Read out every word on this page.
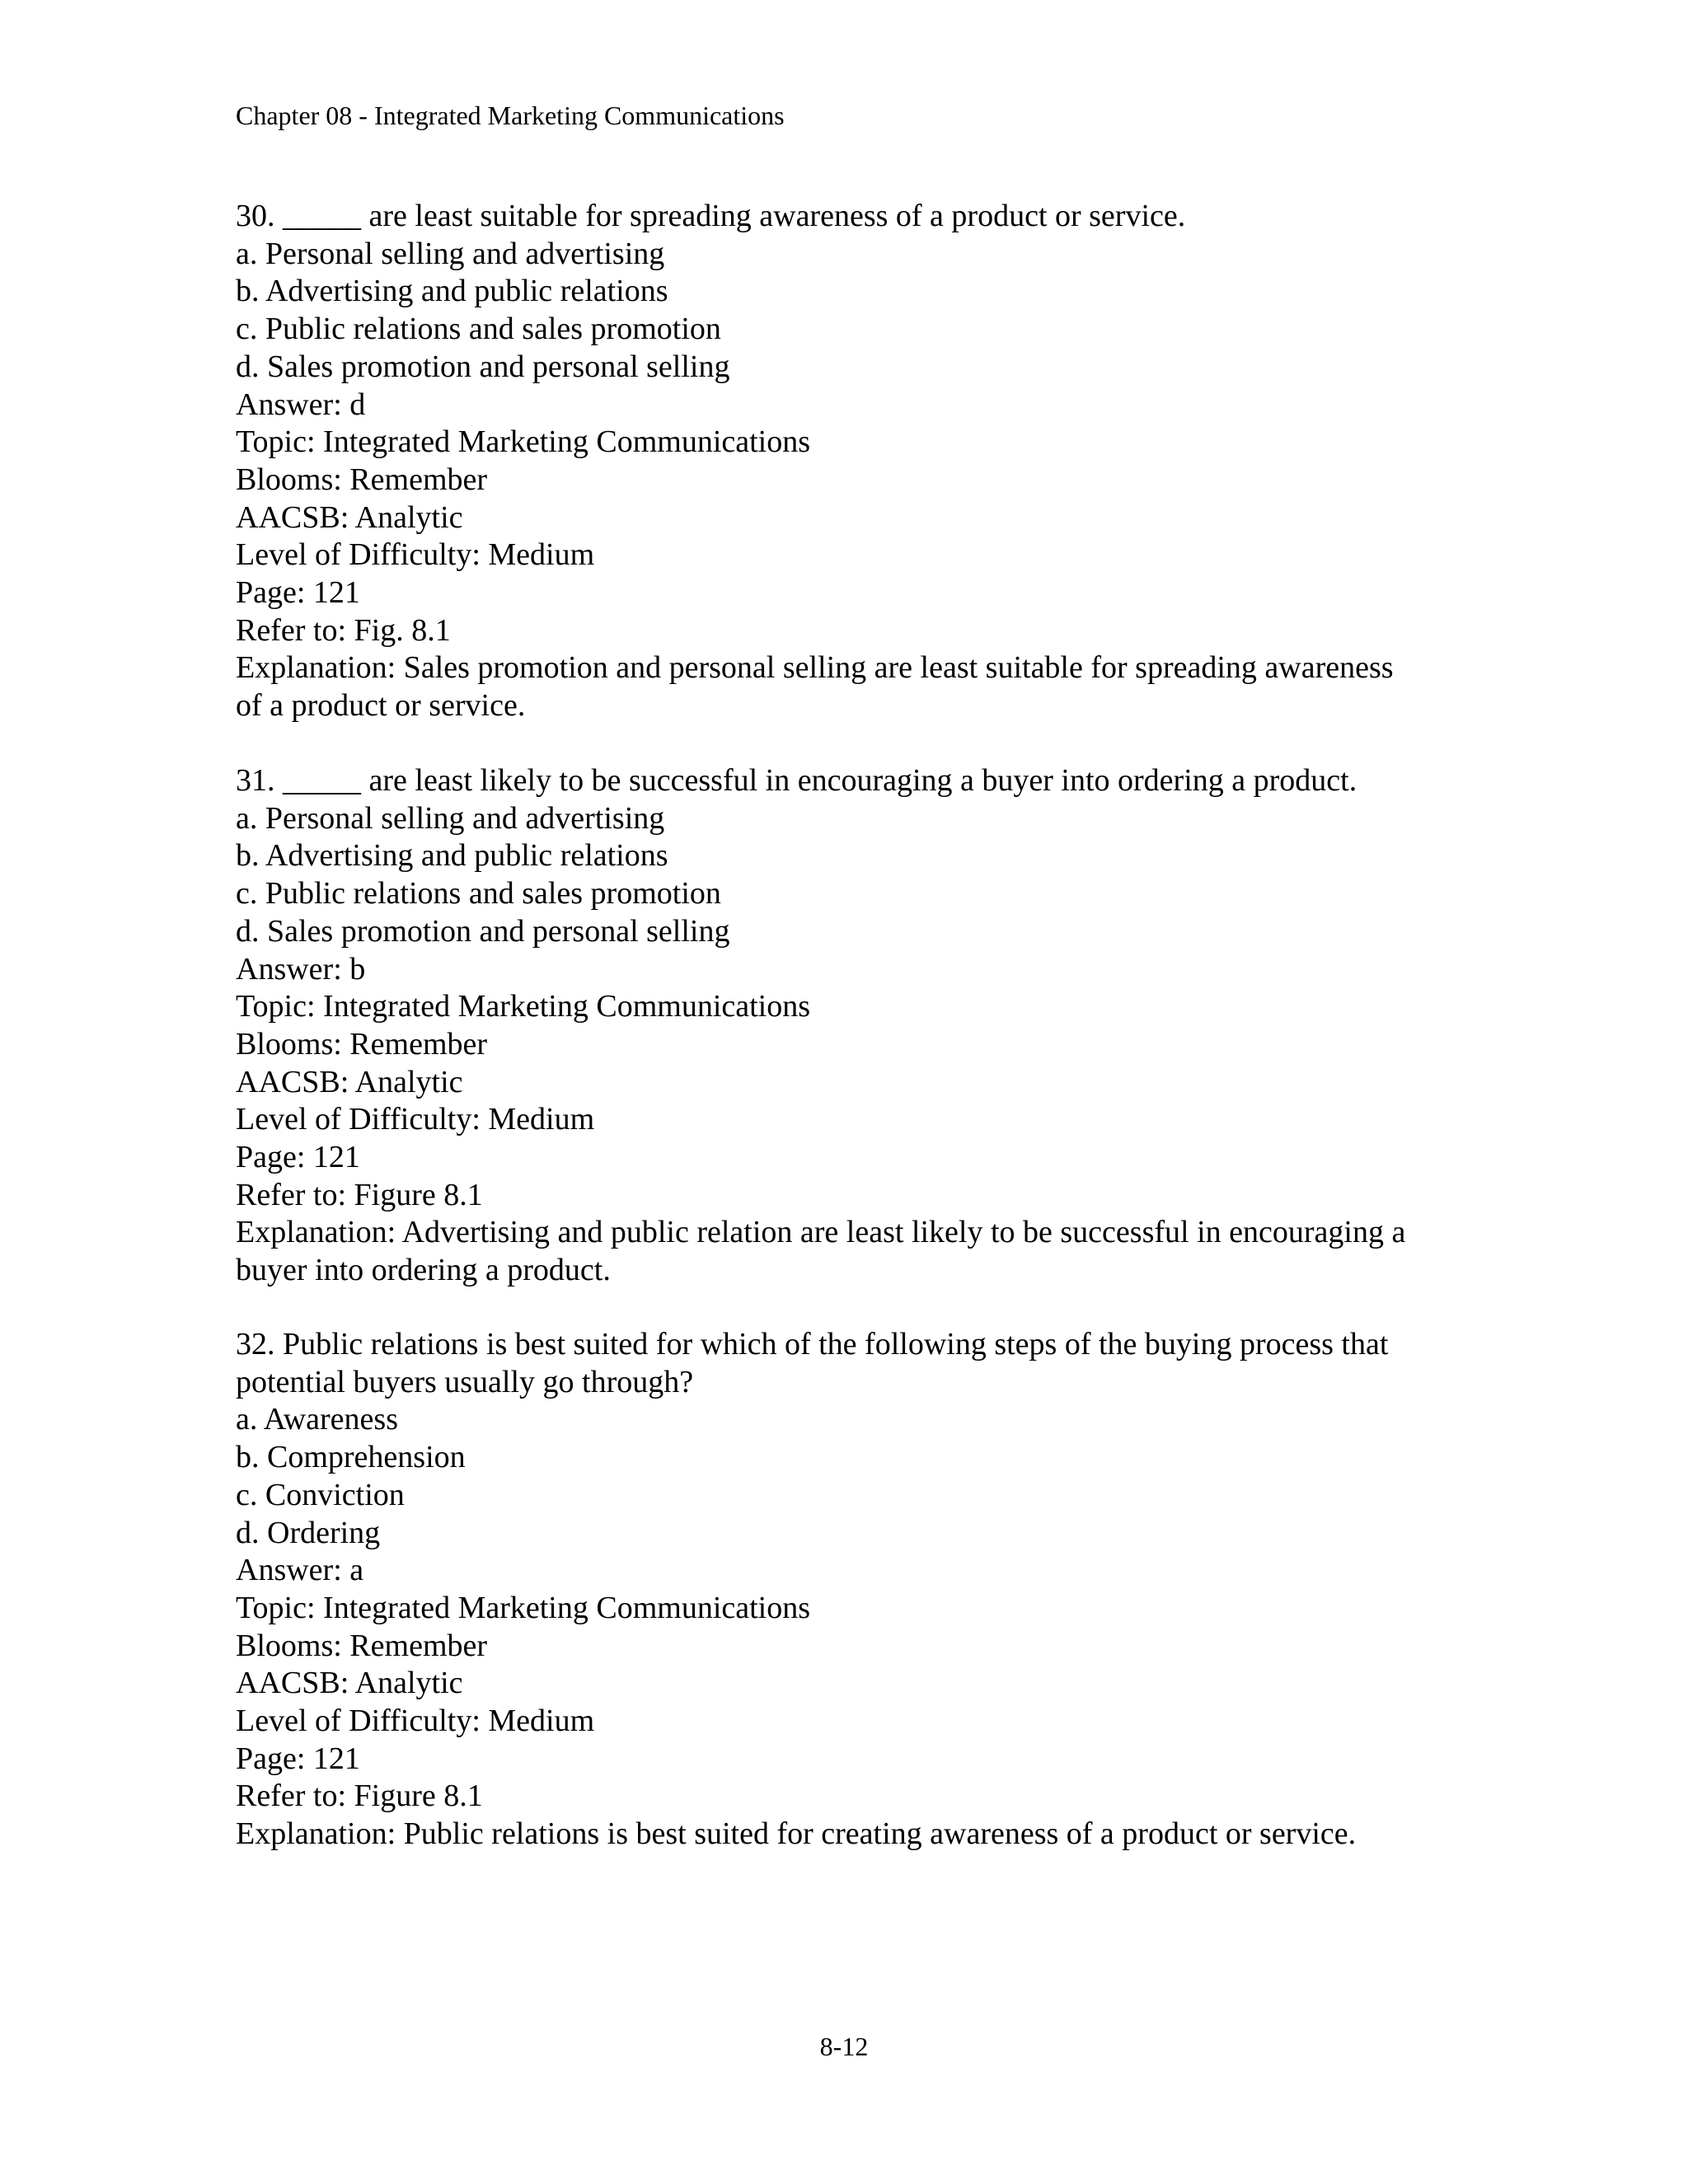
Chapter 08 - Integrated Marketing Communications
30. _____ are least suitable for spreading awareness of a product or service.
a. Personal selling and advertising
b. Advertising and public relations
c. Public relations and sales promotion
d. Sales promotion and personal selling
Answer: d
Topic: Integrated Marketing Communications
Blooms: Remember
AACSB: Analytic
Level of Difficulty: Medium
Page: 121
Refer to: Fig. 8.1
Explanation: Sales promotion and personal selling are least suitable for spreading awareness
of a product or service.
31. _____ are least likely to be successful in encouraging a buyer into ordering a product.
a. Personal selling and advertising
b. Advertising and public relations
c. Public relations and sales promotion
d. Sales promotion and personal selling
Answer: b
Topic: Integrated Marketing Communications
Blooms: Remember
AACSB: Analytic
Level of Difficulty: Medium
Page: 121
Refer to: Figure 8.1
Explanation: Advertising and public relation are least likely to be successful in encouraging a
buyer into ordering a product.
32. Public relations is best suited for which of the following steps of the buying process that
potential buyers usually go through?
a. Awareness
b. Comprehension
c. Conviction
d. Ordering
Answer: a
Topic: Integrated Marketing Communications
Blooms: Remember
AACSB: Analytic
Level of Difficulty: Medium
Page: 121
Refer to: Figure 8.1
Explanation: Public relations is best suited for creating awareness of a product or service.
8-12
